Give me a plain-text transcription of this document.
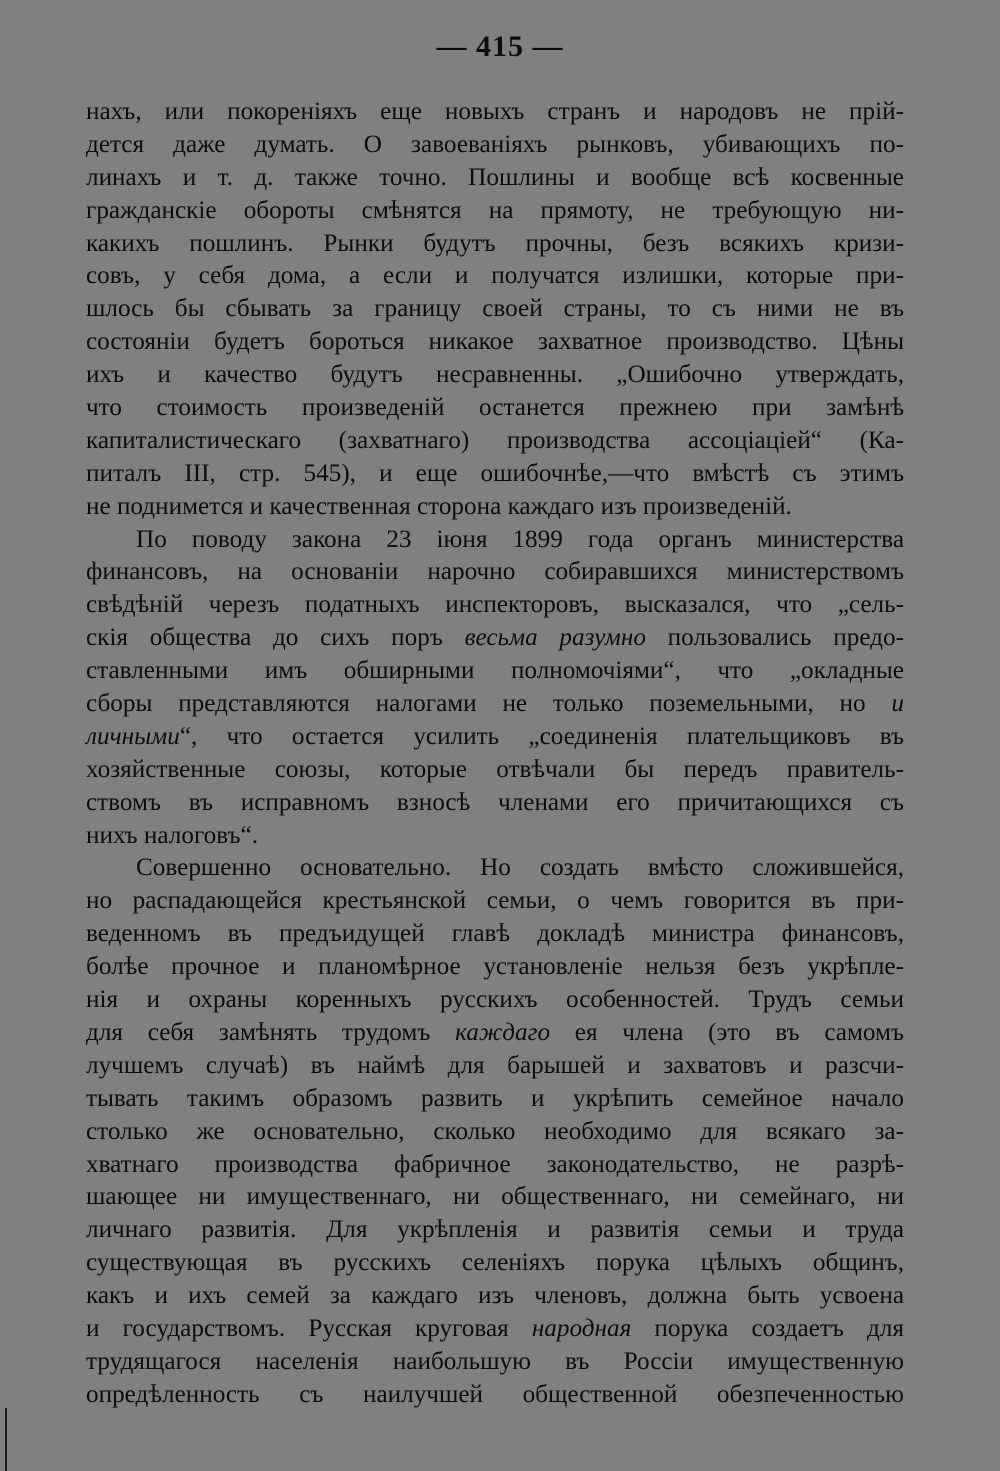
— 415 —
нахъ, или покореніяхъ еще новыхъ странъ и народовъ не прій-
дется даже думать. О завоеваніяхъ рынковъ, убивающихъ по-
линахъ и т. д. также точно. Пошлины и вообще всѣ косвенные
гражданскіе обороты смѣнятся на прямоту, не требующую ни-
какихъ пошлинъ. Рынки будутъ прочны, безъ всякихъ кризи-
совъ, у себя дома, а если и получатся излишки, которые при-
шлось бы сбывать за границу своей страны, то съ ними не въ
состояніи будетъ бороться никакое захватное производство. Цѣны
ихъ и качество будутъ несравненны. „Ошибочно утверждать,
что стоимость произведеній останется прежнею при замѣнѣ
капиталистическаго (захватнаго) производства ассоціаціей“ (Ка-
питалъ III, стр. 545), и еще ошибочнѣе,—что вмѣстѣ съ этимъ
не поднимется и качественная сторона каждаго изъ произведеній.
По поводу закона 23 іюня 1899 года органъ министерства
финансовъ, на основаніи нарочно собиравшихся министерствомъ
свѣдѣній черезъ податныхъ инспекторовъ, высказался, что „сель-
скія общества до сихъ поръ весьма разумно пользовались предо-
ставленными имъ обширными полномочіями“, что „окладные
сборы представляются налогами не только поземельными, но и
личными“, что остается усилить „соединенія плательщиковъ въ
хозяйственные союзы, которые отвѣчали бы передъ правитель-
ствомъ въ исправномъ взносѣ членами его причитающихся съ
нихъ налоговъ“.
Совершенно основательно. Но создать вмѣсто сложившейся,
но распадающейся крестьянской семьи, о чемъ говорится въ при-
веденномъ въ предъидущей главѣ докладѣ министра финансовъ,
болѣе прочное и планомѣрное установленіе нельзя безъ укрѣпле-
нія и охраны коренныхъ русскихъ особенностей. Трудъ семьи
для себя замѣнять трудомъ каждаго ея члена (это въ самомъ
лучшемъ случаѣ) въ наймѣ для барышей и захватовъ и разсчи-
тывать такимъ образомъ развить и укрѣпить семейное начало
столько же основательно, сколько необходимо для всякаго за-
хватнаго производства фабричное законодательство, не разрѣ-
шающее ни имущественнаго, ни общественнаго, ни семейнаго, ни
личнаго развитія. Для укрѣпленія и развитія семьи и труда
существующая въ русскихъ селеніяхъ порука цѣлыхъ общинъ,
какъ и ихъ семей за каждаго изъ членовъ, должна быть усвоена
и государствомъ. Русская круговая народная порука создаетъ для
трудящагося населенія наибольшую въ Россіи имущественную
опредѣленность съ наилучшей общественной обезпеченностью
